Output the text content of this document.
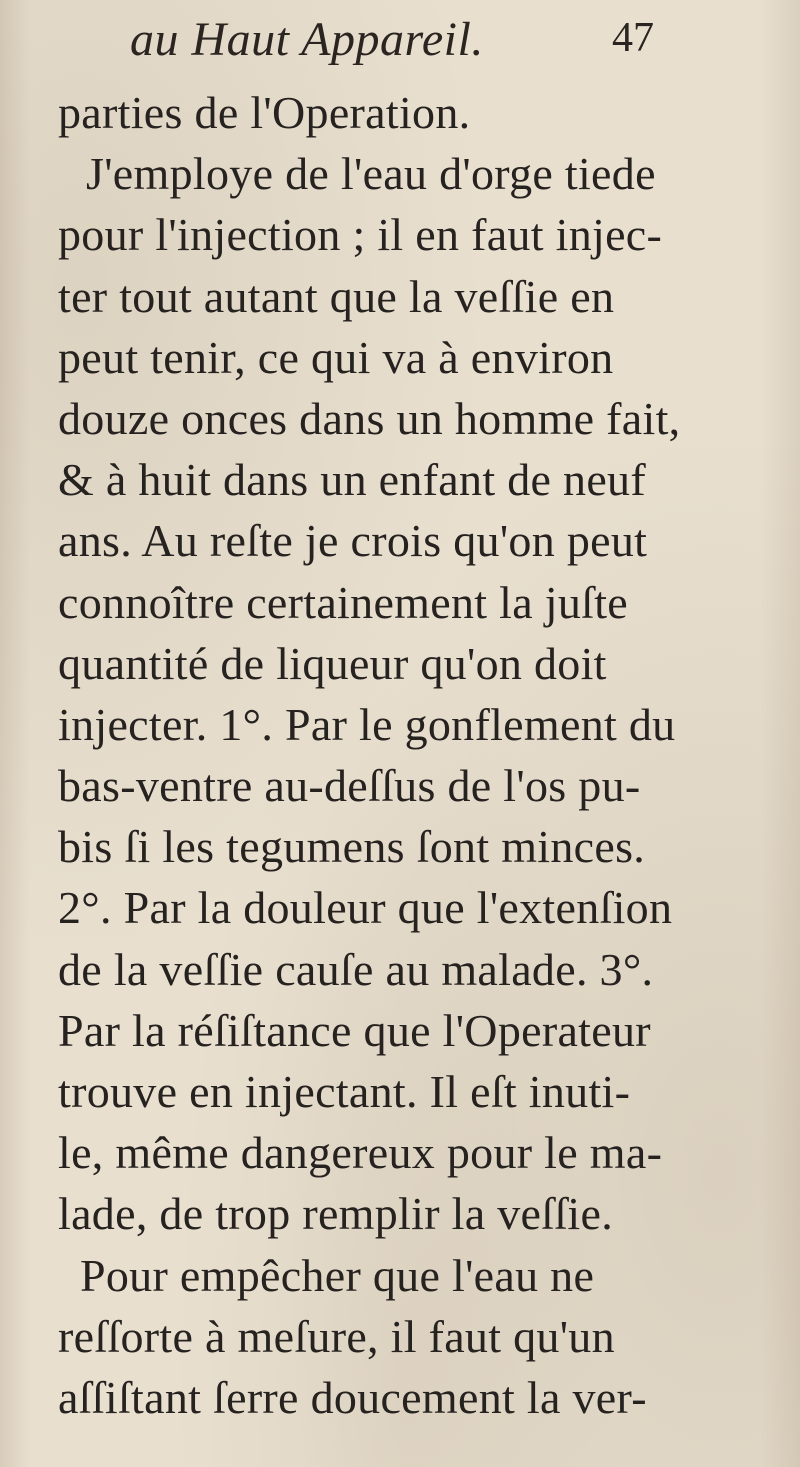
au Haut Appareil.	47
parties de l'Operation.
J'employe de l'eau d'orge tiede
pour l'injection ; il en faut injec-
ter tout autant que la veſſie en
peut tenir, ce qui va à environ
douze onces dans un homme fait,
& à huit dans un enfant de neuf
ans. Au reſte je crois qu'on peut
connoître certainement la juſte
quantité de liqueur qu'on doit
injecter. 1°. Par le gonflement du
bas-ventre au-deſſus de l'os pu-
bis ſi les tegumens ſont minces.
2°. Par la douleur que l'extenſion
de la veſſie cauſe au malade. 3°.
Par la réſiſtance que l'Operateur
trouve en injectant. Il eſt inuti-
le, même dangereux pour le ma-
lade, de trop remplir la veſſie.
Pour empêcher que l'eau ne
reſſorte à meſure, il faut qu'un
aſſiſtant ſerre doucement la ver-
